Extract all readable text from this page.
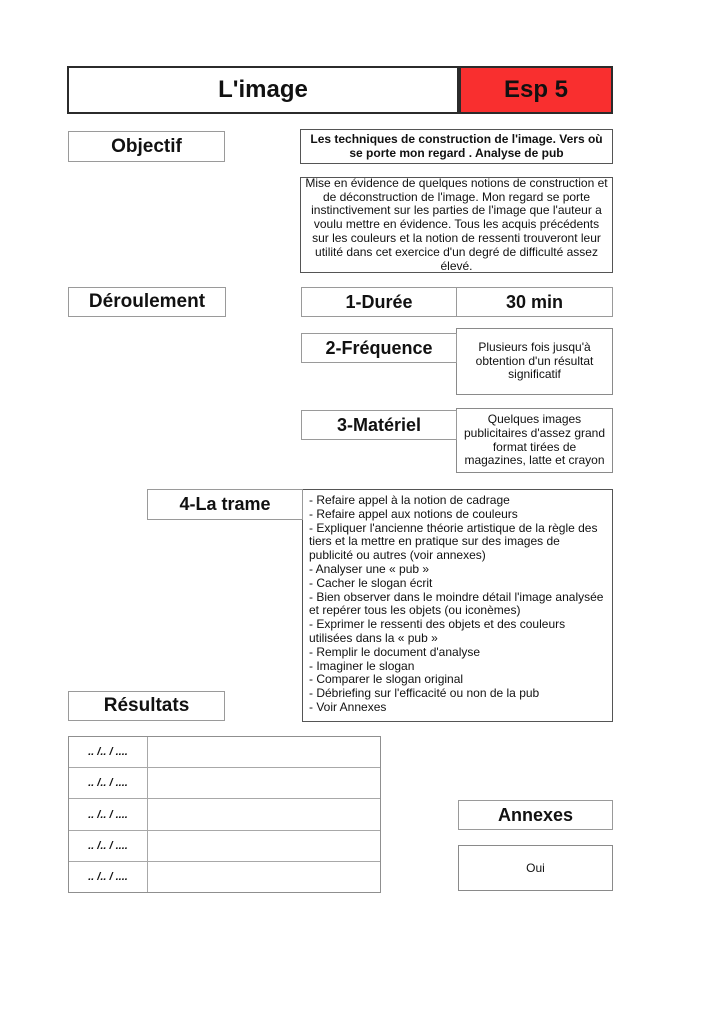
L'image	Esp 5
Objectif	Les techniques de construction de l'image. Vers où se porte mon regard . Analyse de pub
Mise en évidence de quelques notions de construction et de déconstruction de l'image. Mon regard se porte instinctivement sur les parties de l'image que l'auteur a voulu mettre en évidence. Tous les acquis précédents sur les couleurs et la notion de ressenti trouveront leur utilité dans cet exercice d'un degré de difficulté assez élevé.
Déroulement	1-Durée	30 min
2-Fréquence	Plusieurs fois jusqu'à obtention d'un résultat significatif
3-Matériel	Quelques images publicitaires d'assez grand format tirées de magazines, latte et crayon
4-La trame	- Refaire appel à la notion de cadrage
- Refaire appel aux notions de couleurs
- Expliquer l'ancienne théorie artistique de la règle des tiers et la mettre en pratique sur des images de publicité ou autres (voir annexes)
- Analyser une « pub »
- Cacher le slogan écrit
- Bien observer dans le moindre détail l'image analysée et repérer tous les objets (ou iconèmes)
- Exprimer le ressenti des objets et des couleurs utilisées dans la « pub »
- Remplir le document d'analyse
- Imaginer le slogan
- Comparer le slogan original
- Débriefing sur l'efficacité ou non de la pub
- Voir Annexes
Résultats
.. /.. / ....
.. /.. / ....
.. /.. / ....
.. /.. / ....
.. /.. / ....
Annexes
Oui
